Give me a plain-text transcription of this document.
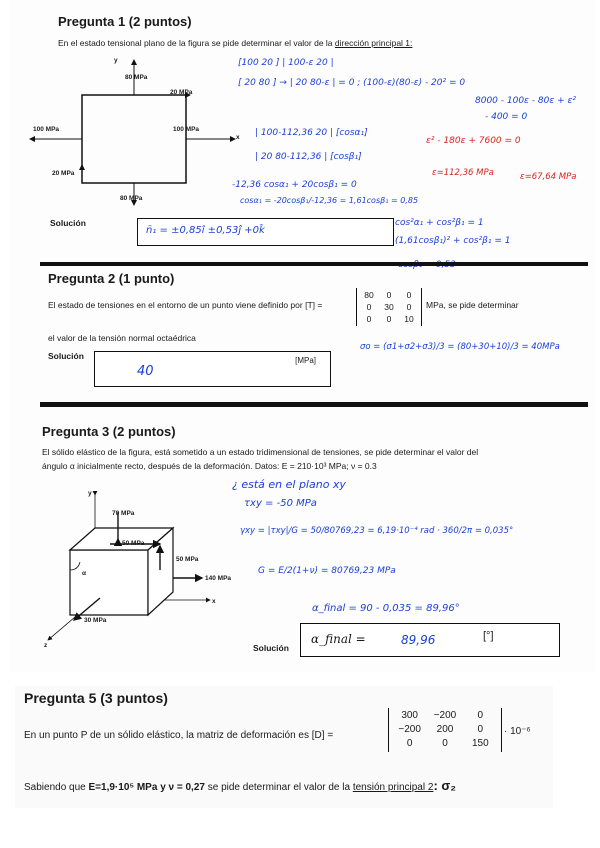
Pregunta 1 (2 puntos)
En el estado tensional plano de la figura se pide determinar el valor de la dirección principal 1:
y
80 MPa
20 MPa
100 MPa	100 MPa
x
20 MPa
80 MPa
Solución
n̄₁ = ±0,85î ±0,53ĵ +0k̂
[100 20 ] | 100-ε 20 |
[ 20 80 ] → | 20 80-ε | = 0 ; (100-ε)(80-ε) - 20² = 0
8000 - 100ε - 80ε + ε²
- 400 = 0
| 100-112,36 20 | [cosα₁]
| 20 80-112,36 | [cosβ₁]
-12,36 cosα₁ + 20cosβ₁ = 0
cosα₁ = -20cosβ₁/-12,36 = 1,61cosβ₁ = 0,85
cos²α₁ + cos²β₁ = 1
(1,61cosβ₁)² + cos²β₁ = 1
ε² - 180ε + 7600 = 0
ε=112,36 MPa	ε=67,64 MPa
Pregunta 2 (1 punto)
El estado de tensiones en el entorno de un punto viene definido por [T] =
80	0	0
0	30	0
0	0	10
MPa, se pide determinar
el valor de la tensión normal octaédrica
Solución	[MPa]
40
σo = (σ1+σ2+σ3)/3 = (80+30+10)/3 = 40MPa
Pregunta 3 (2 puntos)
El sólido elástico de la figura, está sometido a un estado tridimensional de tensiones, se pide determinar el valor del
ángulo α inicialmente recto, después de la deformación. Datos: E = 210·10³ MPa; ν = 0.3
y
70 MPa
50 MPa
50 MPa
140 MPa
α
x
30 MPa
z	Solución
α_final =	89,96	[°]
¿ está en el plano xy
τxy = -50 MPa
γxy = |τxy|/G = 50/80769,23 = 6,19·10⁻⁴ rad · 360/2π = 0,035°
G = E/2(1+ν) = 80769,23 MPa
α_final = 90 - 0,035 = 89,96°
Pregunta 5 (3 puntos)
En un punto P de un sólido elástico, la matriz de deformación es [D] =
300	−200	0
−200	200	0
0	0	150
· 10⁻⁶
Sabiendo que E=1,9·10⁵ MPa y ν = 0,27 se pide determinar el valor de la tensión principal 2: σ₂
